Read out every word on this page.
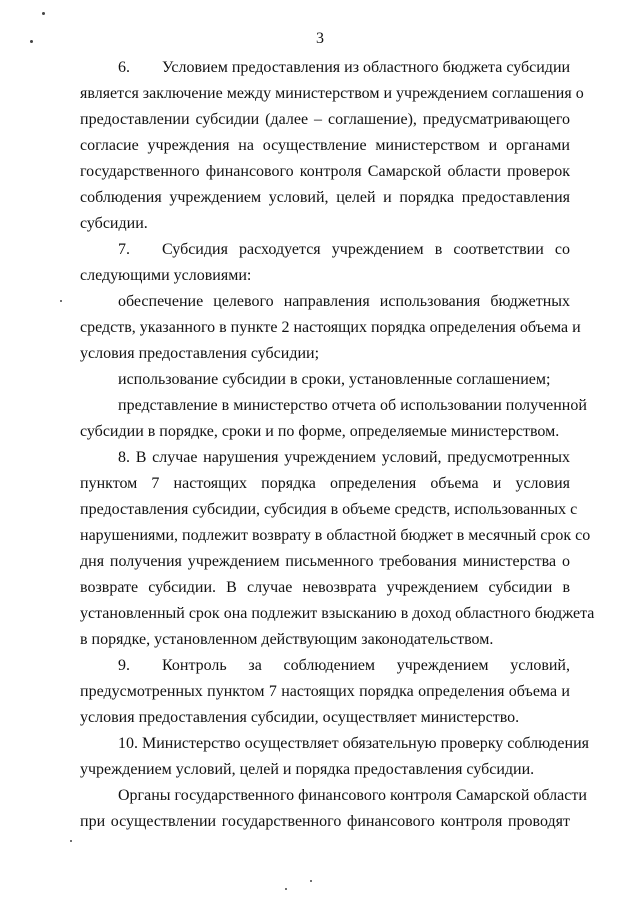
3
6.  Условием предоставления из областного бюджета субсидии
является заключение между министерством и учреждением соглашения о
предоставлении субсидии (далее – соглашение), предусматривающего
согласие учреждения на осуществление министерством и органами
государственного финансового контроля Самарской области проверок
соблюдения учреждением условий, целей и порядка предоставления
субсидии.
7.  Субсидия расходуется учреждением в соответствии со
следующими условиями:
обеспечение целевого направления использования бюджетных
средств, указанного в пункте 2 настоящих порядка определения объема и
условия предоставления субсидии;
использование субсидии в сроки, установленные соглашением;
представление в министерство отчета об использовании полученной
субсидии в порядке, сроки и по форме, определяемые министерством.
8. В случае нарушения учреждением условий, предусмотренных
пунктом 7 настоящих порядка определения объема и условия
предоставления субсидии, субсидия в объеме средств, использованных с
нарушениями, подлежит возврату в областной бюджет в месячный срок со
дня получения учреждением письменного требования министерства о
возврате субсидии. В случае невозврата учреждением субсидии в
установленный срок она подлежит взысканию в доход областного бюджета
в порядке, установленном действующим законодательством.
9.  Контроль за соблюдением учреждением условий,
предусмотренных пунктом 7 настоящих порядка определения объема и
условия предоставления субсидии, осуществляет министерство.
10. Министерство осуществляет обязательную проверку соблюдения
учреждением условий, целей и порядка предоставления субсидии.
Органы государственного финансового контроля Самарской области
при осуществлении государственного финансового контроля проводят
